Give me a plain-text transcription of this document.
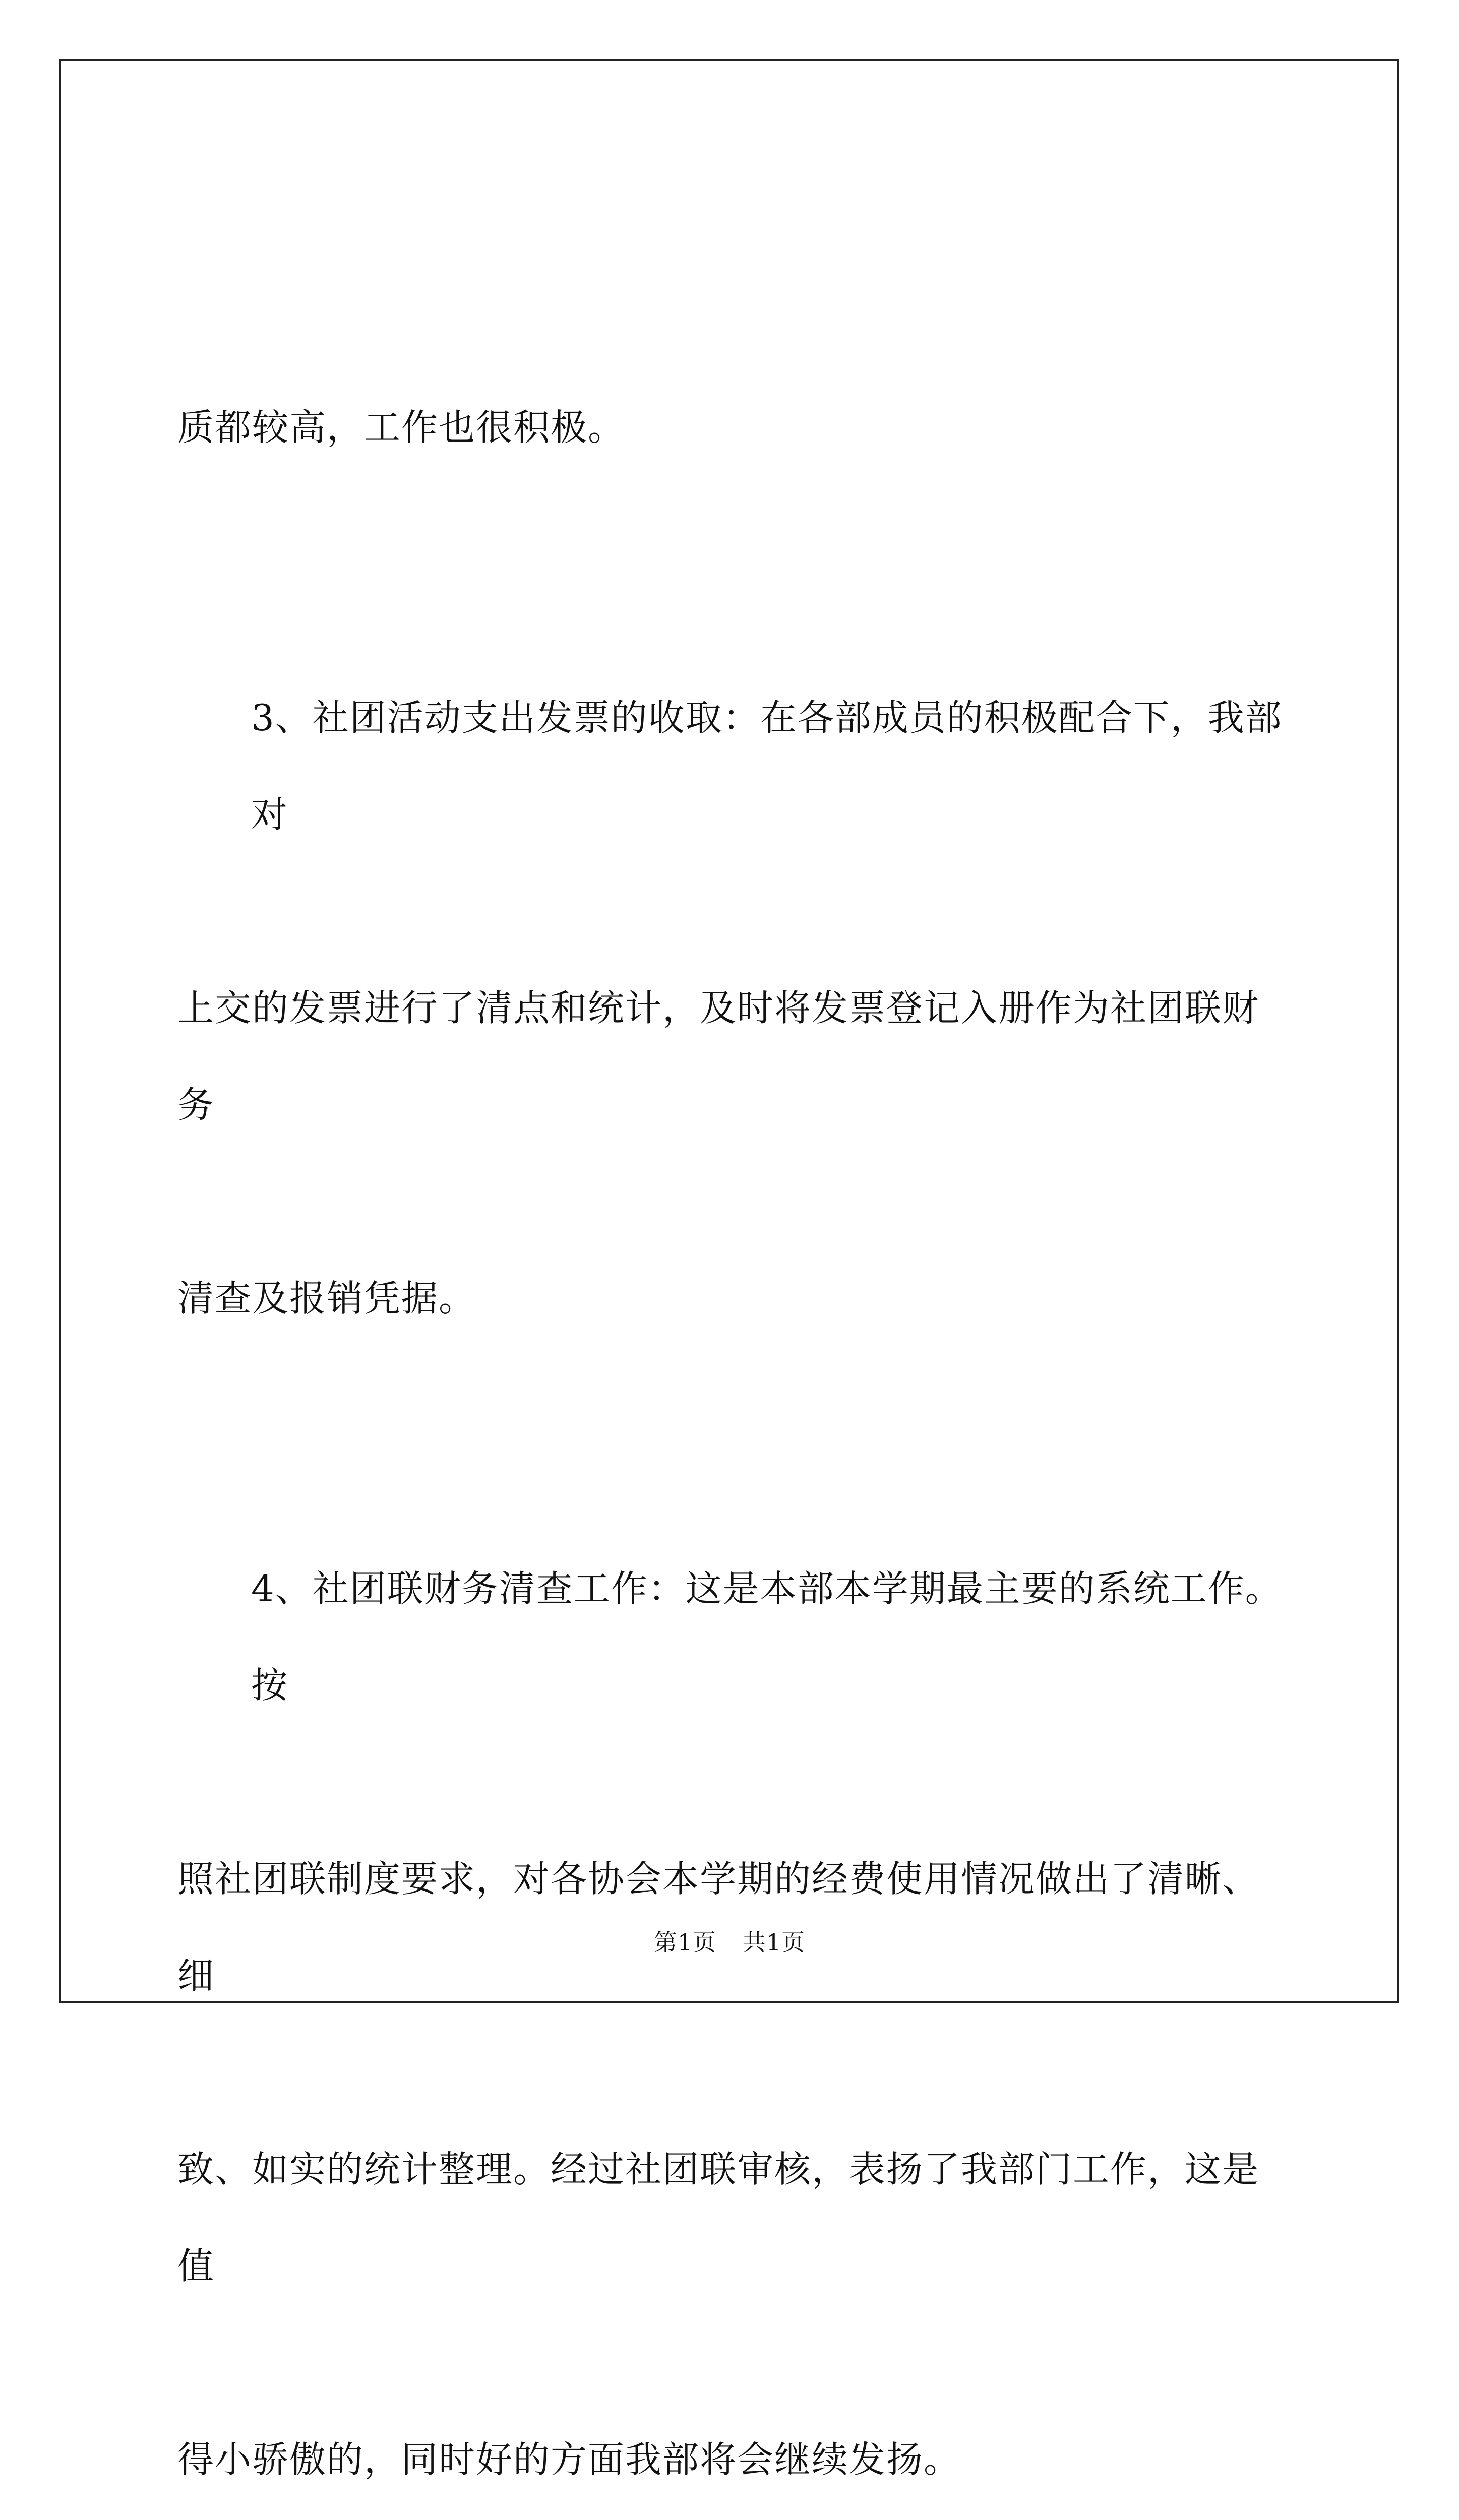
质都较高，工作也很积极。

3、社团活动支出发票的收取：在各部成员的积极配合下，我部对

上交的发票进行了清点和统计，及时将发票登记入册作为社团联财务

清查及报销凭据。

4、社团联财务清查工作：这是本部本学期最主要的系统工作。按

照社团联制度要求，对各协会本学期的经费使用情况做出了清晰、细

致、如实的统计整理。经过社团联审核，表扬了我部门工作，这是值

得小骄傲的，同时好的方面我部将会继续发扬。

第1页 共1页
